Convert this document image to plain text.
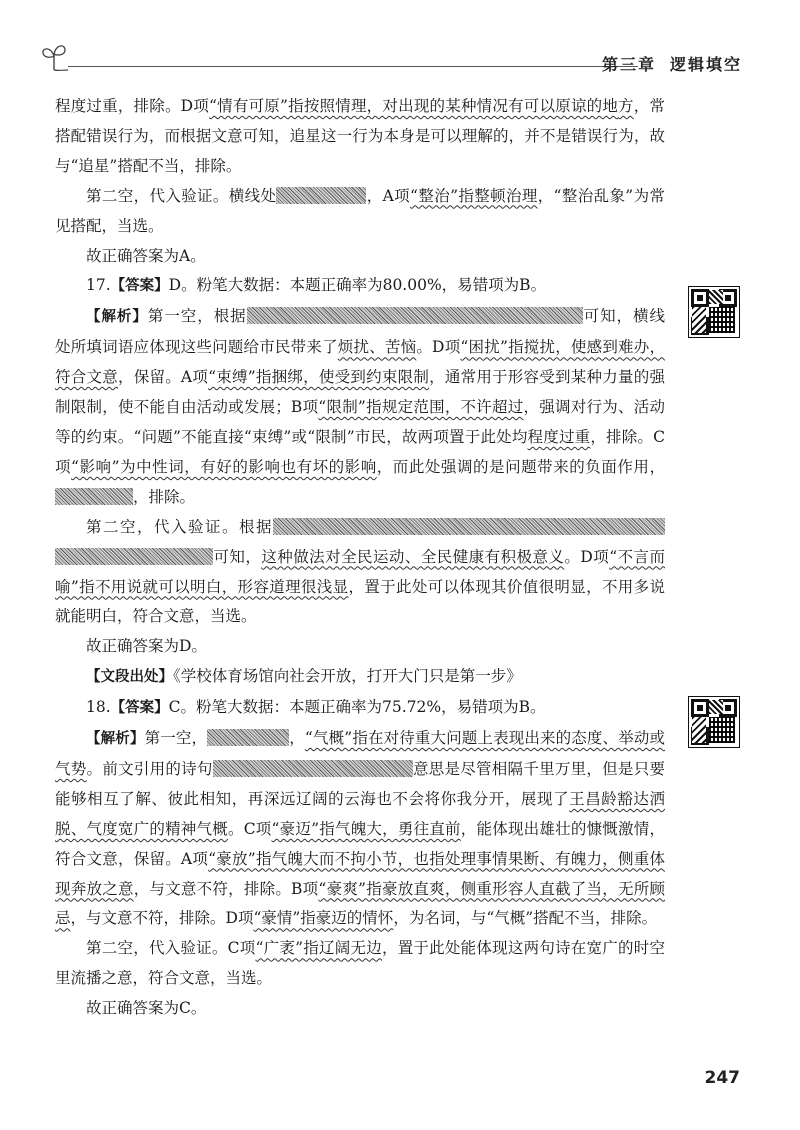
第三章 逻辑填空

程度过重，排除。D项“情有可原”指按照情理，对出现的某种情况有可以原谅的地方，常搭配错误行为，而根据文意可知，追星这一行为本身是可以理解的，并不是错误行为，故与“追星”搭配不当，排除。

第二空，代入验证。横线处	，A项“整治”指整顿治理，“整治乱象”为常见搭配，当选。

故正确答案为A。

17.【答案】D。粉笔大数据：本题正确率为80.00%，易错项为B。

【解析】第一空，根据	可知，横线处所填词语应体现这些问题给市民带来了烦扰、苦恼。D项“困扰”指搅扰，使感到难办，符合文意，保留。A项“束缚”指捆绑，使受到约束限制，通常用于形容受到某种力量的强制限制，使不能自由活动或发展；B项“限制”指规定范围，不许超过，强调对行为、活动等的约束。“问题”不能直接“束缚”或“限制”市民，故两项置于此处均程度过重，排除。C项“影响”为中性词，有好的影响也有坏的影响，而此处强调的是问题带来的负面作用，，排除。

第二空，代入验证。根据可知，这种做法对全民运动、全民健康有积极意义。D项“不言而喻”指不用说就可以明白，形容道理很浅显，置于此处可以体现其价值很明显，不用多说就能明白，符合文意，当选。

故正确答案为D。

【文段出处】《学校体育场馆向社会开放，打开大门只是第一步》

18.【答案】C。粉笔大数据：本题正确率为75.72%，易错项为B。

【解析】第一空，	，“气概”指在对待重大问题上表现出来的态度、举动或气势。前文引用的诗句	意思是尽管相隔千里万里，但是只要能够相互了解、彼此相知，再深远辽阔的云海也不会将你我分开，展现了王昌龄豁达洒脱、气度宽广的精神气概。C项“豪迈”指气魄大，勇往直前，能体现出雄壮的慷慨激情，符合文意，保留。A项“豪放”指气魄大而不拘小节，也指处理事情果断、有魄力，侧重体现奔放之意，与文意不符，排除。B项“豪爽”指豪放直爽，侧重形容人直截了当，无所顾忌，与文意不符，排除。D项“豪情”指豪迈的情怀，为名词，与“气概”搭配不当，排除。

第二空，代入验证。C项“广袤”指辽阔无边，置于此处能体现这两句诗在宽广的时空里流播之意，符合文意，当选。

故正确答案为C。

247
